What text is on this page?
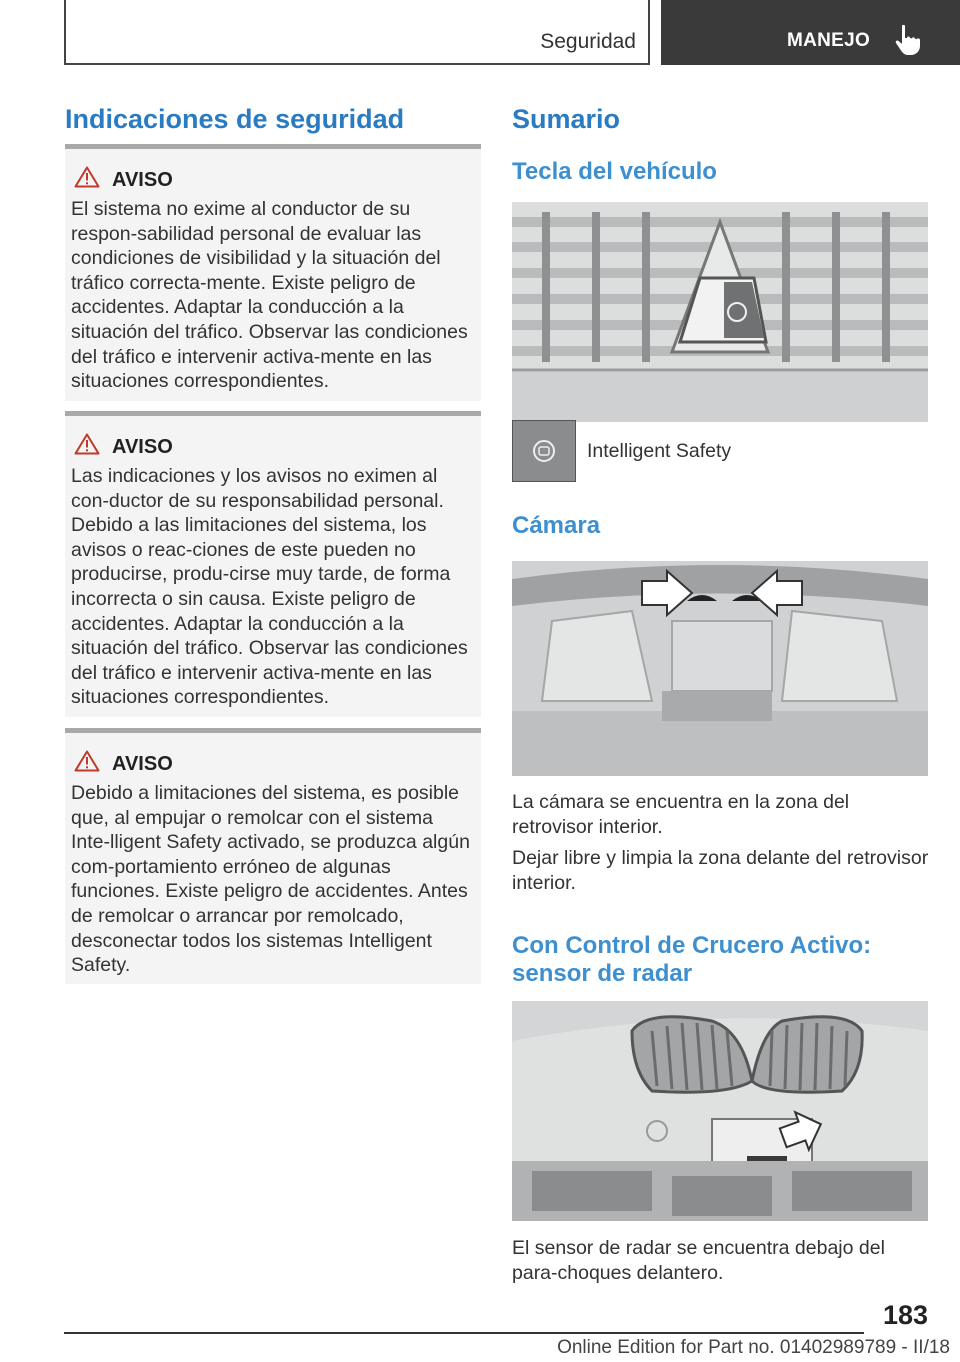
Seguridad	MANEJO
Indicaciones de seguridad
AVISO
El sistema no exime al conductor de su respon-sabilidad personal de evaluar las condiciones de visibilidad y la situación del tráfico correcta-mente. Existe peligro de accidentes. Adaptar la conducción a la situación del tráfico. Observar las condiciones del tráfico e intervenir activa-mente en las situaciones correspondientes.
AVISO
Las indicaciones y los avisos no eximen al con-ductor de su responsabilidad personal. Debido a las limitaciones del sistema, los avisos o reac-ciones de este pueden no producirse, produ-cirse muy tarde, de forma incorrecta o sin causa. Existe peligro de accidentes. Adaptar la conducción a la situación del tráfico. Observar las condiciones del tráfico e intervenir activa-mente en las situaciones correspondientes.
AVISO
Debido a limitaciones del sistema, es posible que, al empujar o remolcar con el sistema Inte-lligent Safety activado, se produzca algún com-portamiento erróneo de algunas funciones. Existe peligro de accidentes. Antes de remolcar o arrancar por remolcado, desconectar todos los sistemas Intelligent Safety.
Sumario
Tecla del vehículo
Intelligent Safety
Cámara
La cámara se encuentra en la zona del retrovisor interior.
Dejar libre y limpia la zona delante del retrovisor interior.
Con Control de Crucero Activo:
sensor de radar
El sensor de radar se encuentra debajo del para-choques delantero.
183
Online Edition for Part no. 01402989789 - II/18
